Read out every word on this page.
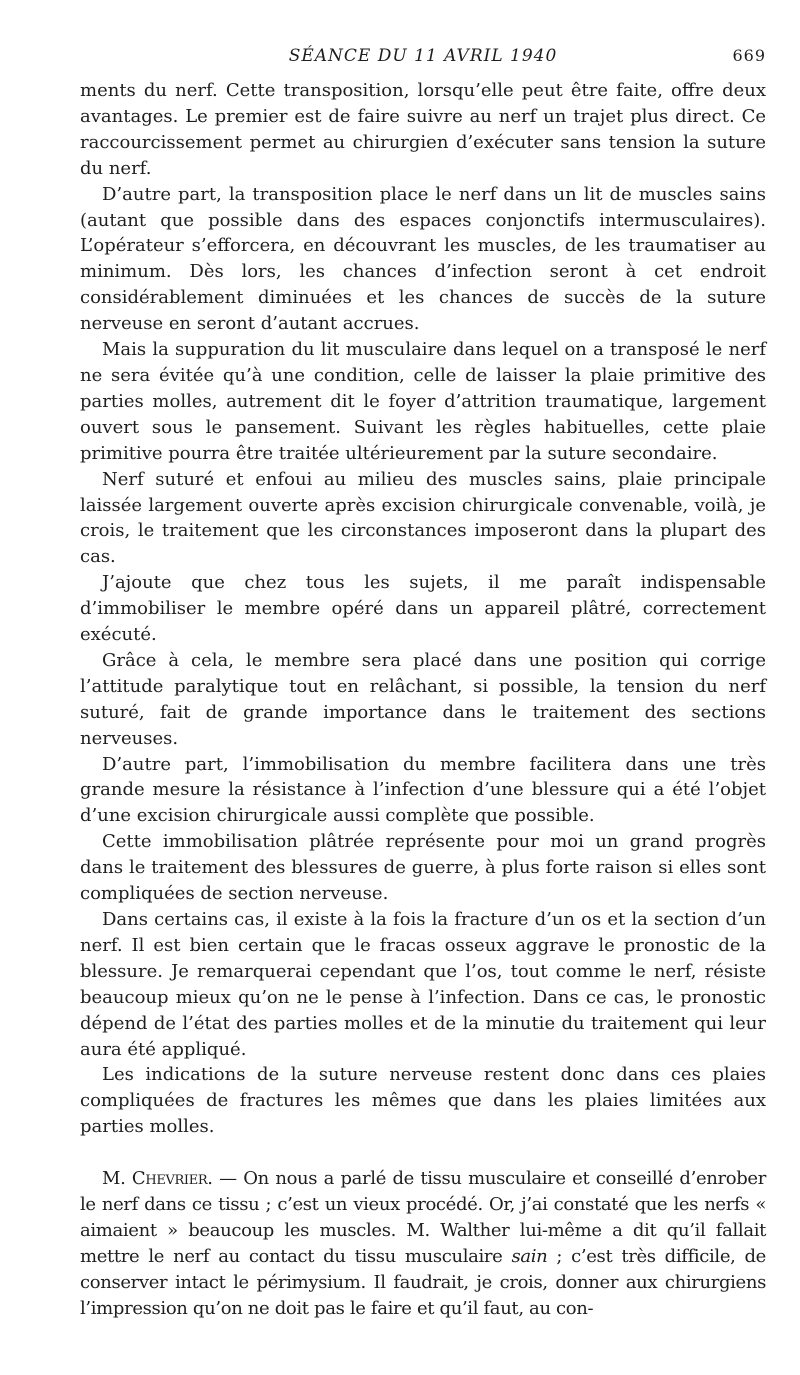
SÉANCE DU 11 AVRIL 1940	669

ments du nerf. Cette transposition, lorsqu’elle peut être faite, offre deux avantages. Le premier est de faire suivre au nerf un trajet plus direct. Ce raccourcissement permet au chirurgien d’exécuter sans tension la suture du nerf.

D’autre part, la transposition place le nerf dans un lit de muscles sains (autant que possible dans des espaces conjonctifs intermusculaires). L’opérateur s’efforcera, en découvrant les muscles, de les traumatiser au minimum. Dès lors, les chances d’infection seront à cet endroit considérablement diminuées et les chances de succès de la suture nerveuse en seront d’autant accrues.

Mais la suppuration du lit musculaire dans lequel on a transposé le nerf ne sera évitée qu’à une condition, celle de laisser la plaie primitive des parties molles, autrement dit le foyer d’attrition traumatique, largement ouvert sous le pansement. Suivant les règles habituelles, cette plaie primitive pourra être traitée ultérieurement par la suture secondaire.

Nerf suturé et enfoui au milieu des muscles sains, plaie principale laissée largement ouverte après excision chirurgicale convenable, voilà, je crois, le traitement que les circonstances imposeront dans la plupart des cas.

J’ajoute que chez tous les sujets, il me paraît indispensable d’immobiliser le membre opéré dans un appareil plâtré, correctement exécuté.

Grâce à cela, le membre sera placé dans une position qui corrige l’attitude paralytique tout en relâchant, si possible, la tension du nerf suturé, fait de grande importance dans le traitement des sections nerveuses.

D’autre part, l’immobilisation du membre facilitera dans une très grande mesure la résistance à l’infection d’une blessure qui a été l’objet d’une excision chirurgicale aussi complète que possible.

Cette immobilisation plâtrée représente pour moi un grand progrès dans le traitement des blessures de guerre, à plus forte raison si elles sont compliquées de section nerveuse.

Dans certains cas, il existe à la fois la fracture d’un os et la section d’un nerf. Il est bien certain que le fracas osseux aggrave le pronostic de la blessure. Je remarquerai cependant que l’os, tout comme le nerf, résiste beaucoup mieux qu’on ne le pense à l’infection. Dans ce cas, le pronostic dépend de l’état des parties molles et de la minutie du traitement qui leur aura été appliqué.

Les indications de la suture nerveuse restent donc dans ces plaies compliquées de fractures les mêmes que dans les plaies limitées aux parties molles.

M. Chevrier. — On nous a parlé de tissu musculaire et conseillé d’enrober le nerf dans ce tissu ; c’est un vieux procédé. Or, j’ai constaté que les nerfs « aimaient » beaucoup les muscles. M. Walther lui-même a dit qu’il fallait mettre le nerf au contact du tissu musculaire sain ; c’est très difficile, de conserver intact le périmysium. Il faudrait, je crois, donner aux chirurgiens l’impression qu’on ne doit pas le faire et qu’il faut, au con-
